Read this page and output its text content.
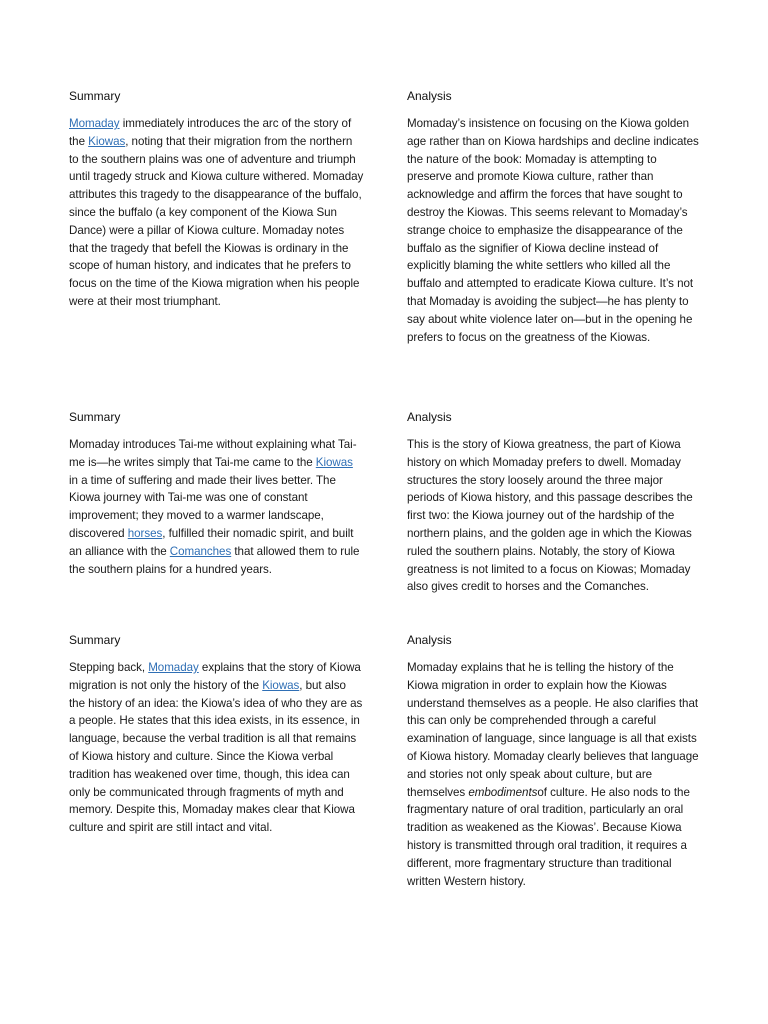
Summary

Momaday immediately introduces the arc of the story of the Kiowas, noting that their migration from the northern to the southern plains was one of adventure and triumph until tragedy struck and Kiowa culture withered. Momaday attributes this tragedy to the disappearance of the buffalo, since the buffalo (a key component of the Kiowa Sun Dance) were a pillar of Kiowa culture. Momaday notes that the tragedy that befell the Kiowas is ordinary in the scope of human history, and indicates that he prefers to focus on the time of the Kiowa migration when his people were at their most triumphant.

Analysis

Momaday’s insistence on focusing on the Kiowa golden age rather than on Kiowa hardships and decline indicates the nature of the book: Momaday is attempting to preserve and promote Kiowa culture, rather than acknowledge and affirm the forces that have sought to destroy the Kiowas. This seems relevant to Momaday’s strange choice to emphasize the disappearance of the buffalo as the signifier of Kiowa decline instead of explicitly blaming the white settlers who killed all the buffalo and attempted to eradicate Kiowa culture. It’s not that Momaday is avoiding the subject—he has plenty to say about white violence later on—but in the opening he prefers to focus on the greatness of the Kiowas.

Summary

Momaday introduces Tai-me without explaining what Tai-me is—he writes simply that Tai-me came to the Kiowas in a time of suffering and made their lives better. The Kiowa journey with Tai-me was one of constant improvement; they moved to a warmer landscape, discovered horses, fulfilled their nomadic spirit, and built an alliance with the Comanches that allowed them to rule the southern plains for a hundred years.

Analysis

This is the story of Kiowa greatness, the part of Kiowa history on which Momaday prefers to dwell. Momaday structures the story loosely around the three major periods of Kiowa history, and this passage describes the first two: the Kiowa journey out of the hardship of the northern plains, and the golden age in which the Kiowas ruled the southern plains. Notably, the story of Kiowa greatness is not limited to a focus on Kiowas; Momaday also gives credit to horses and the Comanches.

Summary

Stepping back, Momaday explains that the story of Kiowa migration is not only the history of the Kiowas, but also the history of an idea: the Kiowa’s idea of who they are as a people. He states that this idea exists, in its essence, in language, because the verbal tradition is all that remains of Kiowa history and culture. Since the Kiowa verbal tradition has weakened over time, though, this idea can only be communicated through fragments of myth and memory. Despite this, Momaday makes clear that Kiowa culture and spirit are still intact and vital.

Analysis

Momaday explains that he is telling the history of the Kiowa migration in order to explain how the Kiowas understand themselves as a people. He also clarifies that this can only be comprehended through a careful examination of language, since language is all that exists of Kiowa history. Momaday clearly believes that language and stories not only speak about culture, but are themselves embodimentsof culture. He also nods to the fragmentary nature of oral tradition, particularly an oral tradition as weakened as the Kiowas’. Because Kiowa history is transmitted through oral tradition, it requires a different, more fragmentary structure than traditional written Western history.
